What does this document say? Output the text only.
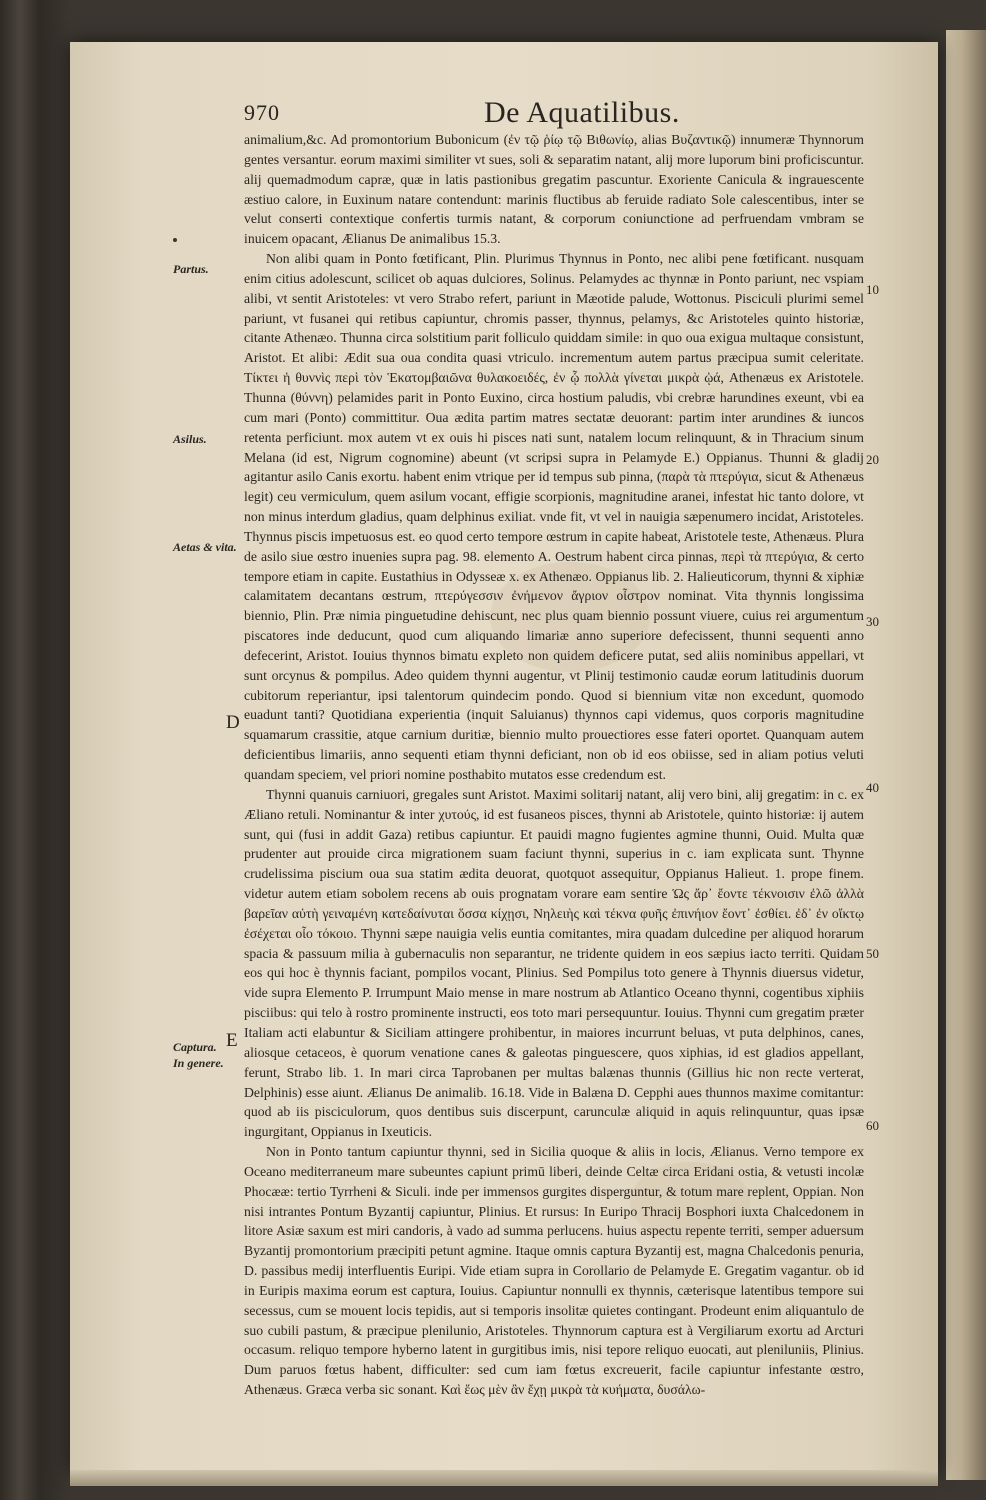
970	De Aquatilibus.
Partus.
Asilus.
Aetas & vita.
Captura.
In genere.
D
E
10
20
30
40
50
60

animalium,&c. Ad promontorium Bubonicum (ἐν τῷ ῥίῳ τῷ Βιθωνίῳ, alias Βυζαντικῷ) innumeræ Thynnorum gentes versantur. eorum maximi similiter vt sues, soli & separatim natant, alij more luporum bini proficiscuntur. alij quemadmodum capræ, quæ in latis pastionibus gregatim pascuntur. Exoriente Canicula & ingrauescente æstiuo calore, in Euxinum natare contendunt: marinis fluctibus ab feruide radiato Sole calescentibus, inter se velut conserti contextique confertis turmis natant, & corporum coniunctione ad perfruendam vmbram se inuicem opacant, Ælianus De animalibus 15.3.

Non alibi quam in Ponto fœtificant, Plin. Plurimus Thynnus in Ponto, nec alibi pene fœtificant. nusquam enim citius adolescunt, scilicet ob aquas dulciores, Solinus. Pelamydes ac thynnæ in Ponto pariunt, nec vspiam alibi, vt sentit Aristoteles: vt vero Strabo refert, pariunt in Mæotide palude, Wottonus. Pisciculi plurimi semel pariunt, vt fusanei qui retibus capiuntur, chromis passer, thynnus, pelamys, &c Aristoteles quinto historiæ, citante Athenæo. Thunna circa solstitium parit folliculo quiddam simile: in quo oua exigua multaque consistunt, Aristot. Et alibi: Ædit sua oua condita quasi vtriculo. incrementum autem partus præcipua sumit celeritate. Τίκτει ἡ θυννὶς περὶ τὸν Ἑκατομβαιῶνα θυλακοειδές, ἐν ᾧ πολλὰ γίνεται μικρὰ ᾠά, Athenæus ex Aristotele. Thunna (θύννη) pelamides parit in Ponto Euxino, circa hostium paludis, vbi crebræ harundines exeunt, vbi ea cum mari (Ponto) committitur. Oua ædita partim matres sectatæ deuorant: partim inter arundines & iuncos retenta perficiunt. mox autem vt ex ouis hi pisces nati sunt, natalem locum relinquunt, & in Thracium sinum Melana (id est, Nigrum cognomine) abeunt (vt scripsi supra in Pelamyde E.) Oppianus. Thunni & gladij agitantur asilo Canis exortu. habent enim vtrique per id tempus sub pinna, (παρὰ τὰ πτερύγια, sicut & Athenæus legit) ceu vermiculum, quem asilum vocant, effigie scorpionis, magnitudine aranei, infestat hic tanto dolore, vt non minus interdum gladius, quam delphinus exiliat. vnde fit, vt vel in nauigia sæpenumero incidat, Aristoteles. Thynnus piscis impetuosus est. eo quod certo tempore œstrum in capite habeat, Aristotele teste, Athenæus. Plura de asilo siue œstro inuenies supra pag. 98. elemento A. Oestrum habent circa pinnas, περὶ τὰ πτερύγια, & certo tempore etiam in capite. Eustathius in Odysseæ x. ex Athenæo. Oppianus lib. 2. Halieuticorum, thynni & xiphiæ calamitatem decantans œstrum, πτερύγεσσιν ἐνήμενον ἄγριον οἶστρον nominat. Vita thynnis longissima biennio, Plin. Præ nimia pinguetudine dehiscunt, nec plus quam biennio possunt viuere, cuius rei argumentum piscatores inde deducunt, quod cum aliquando limariæ anno superiore defecissent, thunni sequenti anno defecerint, Aristot. Iouius thynnos bimatu expleto non quidem deficere putat, sed aliis nominibus appellari, vt sunt orcynus & pompilus. Adeo quidem thynni augentur, vt Plinij testimonio caudæ eorum latitudinis duorum cubitorum reperiantur, ipsi talentorum quindecim pondo. Quod si biennium vitæ non excedunt, quomodo euadunt tanti? Quotidiana experientia (inquit Saluianus) thynnos capi videmus, quos corporis magnitudine squamarum crassitie, atque carnium duritiæ, biennio multo prouectiores esse fateri oportet. Quanquam autem deficientibus limariis, anno sequenti etiam thynni deficiant, non ob id eos obiisse, sed in aliam potius veluti quandam speciem, vel priori nomine posthabito mutatos esse credendum est.

Thynni quanuis carniuori, gregales sunt Aristot. Maximi solitarij natant, alij vero bini, alij gregatim: in c. ex Æliano retuli. Nominantur & inter χυτούς, id est fusaneos pisces, thynni ab Aristotele, quinto historiæ: ij autem sunt, qui (fusi in addit Gaza) retibus capiuntur. Et pauidi magno fugientes agmine thunni, Ouid. Multa quæ prudenter aut prouide circa migrationem suam faciunt thynni, superius in c. iam explicata sunt. Thynne crudelissima piscium oua sua statim ædita deuorat, quotquot assequitur, Oppianus Halieut. 1. prope finem. videtur autem etiam sobolem recens ab ouis prognatam vorare eam sentire Ὡς ἄρ᾽ ἔοντε τέκνοισιν ἐλῶ ἀλλὰ βαρεῖαν αὐτὴ γειναμένη κατεδαίνυται ὅσσα κίχῃσι, Νηλειὴς καὶ τέκνα φυῆς ἐπινήιον ἔοντ᾽ ἐσθίει. ἐδ᾽ ἐν οἴκτῳ ἐσέχεται οἷο τόκοιο. Thynni sæpe nauigia velis euntia comitantes, mira quadam dulcedine per aliquod horarum spacia & passuum milia à gubernaculis non separantur, ne tridente quidem in eos sæpius iacto territi. Quidam eos qui hoc è thynnis faciant, pompilos vocant, Plinius. Sed Pompilus toto genere à Thynnis diuersus videtur, vide supra Elemento P. Irrumpunt Maio mense in mare nostrum ab Atlantico Oceano thynni, cogentibus xiphiis pisciibus: qui telo à rostro prominente instructi, eos toto mari persequuntur. Iouius. Thynni cum gregatim præter Italiam acti elabuntur & Siciliam attingere prohibentur, in maiores incurrunt beluas, vt puta delphinos, canes, aliosque cetaceos, è quorum venatione canes & galeotas pinguescere, quos xiphias, id est gladios appellant, ferunt, Strabo lib. 1. In mari circa Taprobanen per multas balænas thunnis (Gillius hic non recte verterat, Delphinis) esse aiunt. Ælianus De animalib. 16.18. Vide in Balæna D. Cepphi aues thunnos maxime comitantur: quod ab iis pisciculorum, quos dentibus suis discerpunt, carunculæ aliquid in aquis relinquuntur, quas ipsæ ingurgitant, Oppianus in Ixeuticis.

Non in Ponto tantum capiuntur thynni, sed in Sicilia quoque & aliis in locis, Ælianus. Verno tempore ex Oceano mediterraneum mare subeuntes capiunt primū liberi, deinde Celtæ circa Eridani ostia, & vetusti incolæ Phocææ: tertio Tyrrheni & Siculi. inde per immensos gurgites disperguntur, & totum mare replent, Oppian. Non nisi intrantes Pontum Byzantij capiuntur, Plinius. Et rursus: In Euripo Thracij Bosphori iuxta Chalcedonem in litore Asiæ saxum est miri candoris, à vado ad summa perlucens. huius aspectu repente territi, semper aduersum Byzantij promontorium præcipiti petunt agmine. Itaque omnis captura Byzantij est, magna Chalcedonis penuria, D. passibus medij interfluentis Euripi. Vide etiam supra in Corollario de Pelamyde E. Gregatim vagantur. ob id in Euripis maxima eorum est captura, Iouius. Capiuntur nonnulli ex thynnis, cæterisque latentibus tempore sui secessus, cum se mouent locis tepidis, aut si temporis insolitæ quietes contingant. Prodeunt enim aliquantulo de suo cubili pastum, & præcipue plenilunio, Aristoteles. Thynnorum captura est à Vergiliarum exortu ad Arcturi occasum. reliquo tempore hyberno latent in gurgitibus imis, nisi tepore reliquo euocati, aut pleniluniis, Plinius. Dum paruos fœtus habent, difficulter: sed cum iam fœtus excreuerit, facile capiuntur infestante œstro, Athenæus. Græca verba sic sonant. Καὶ ἕως μὲν ἂν ἔχῃ μικρὰ τὰ κυήματα, δυσάλω-
